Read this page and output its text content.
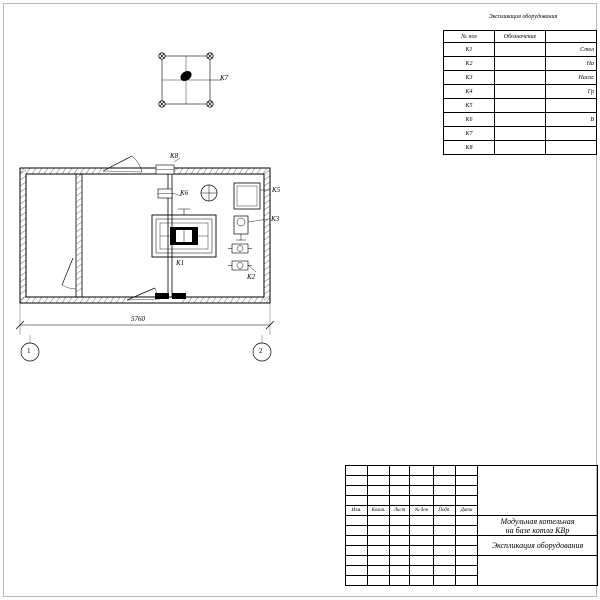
К7
К8
К6	К5
К3
К1
К2
5760
1	2
Экспликация оборудования
№ поз	Обозначение	
К1		Стол
К2		На
К3		Насос
К4		Гр
К5		
К6		В
К7		
К8		

Изм.	Колич.	Лист	№ док	Подп.	Дата	

						Модульная котельная
на базе котла КВр

						Экспликация оборудования
